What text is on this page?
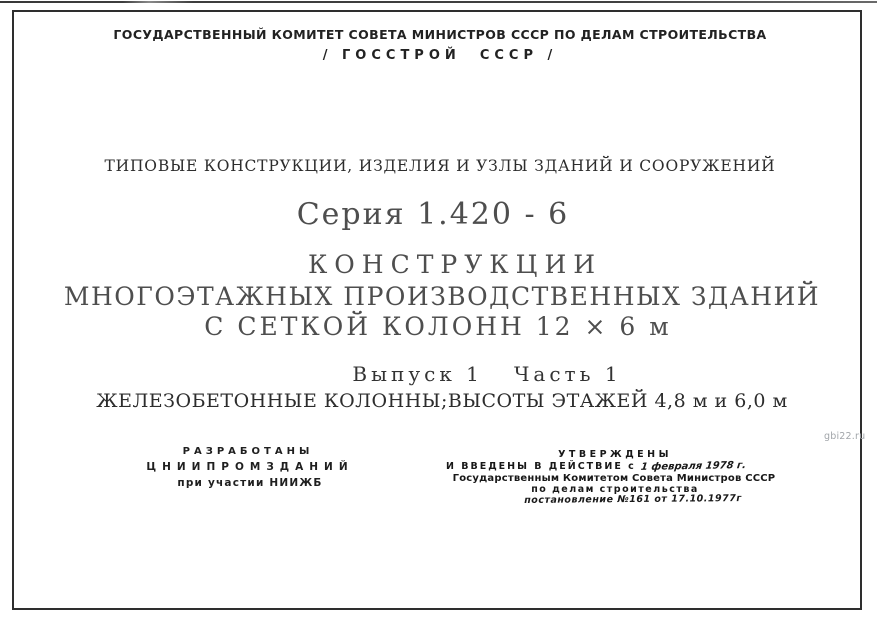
ГОСУДАРСТВЕННЫЙ КОМИТЕТ СОВЕТА МИНИСТРОВ СССР ПО ДЕЛАМ СТРОИТЕЛЬСТВА
/ ГОССТРОЙ  СССР /
ТИПОВЫЕ КОНСТРУКЦИИ, ИЗДЕЛИЯ И УЗЛЫ ЗДАНИЙ И СООРУЖЕНИЙ
Серия 1.420 - 6
КОНСТРУКЦИИ
МНОГОЭТАЖНЫХ ПРОИЗВОДСТВЕННЫХ ЗДАНИЙ
С СЕТКОЙ КОЛОНН 12 × 6 м
Выпуск 1   Часть 1
ЖЕЛЕЗОБЕТОННЫЕ КОЛОННЫ;ВЫСОТЫ ЭТАЖЕЙ 4,8 м и 6,0 м
РАЗРАБОТАНЫ
ЦНИИПРОМЗДАНИЙ
при участии НИИЖБ
УТВЕРЖДЕНЫ
И ВВЕДЕНЫ В ДЕЙСТВИЕ с 1 февраля 1978 г.
Государственным Комитетом Совета Министров СССР
по делам строительства
постановление №161 от 17.10.1977г
gbi22.ru
